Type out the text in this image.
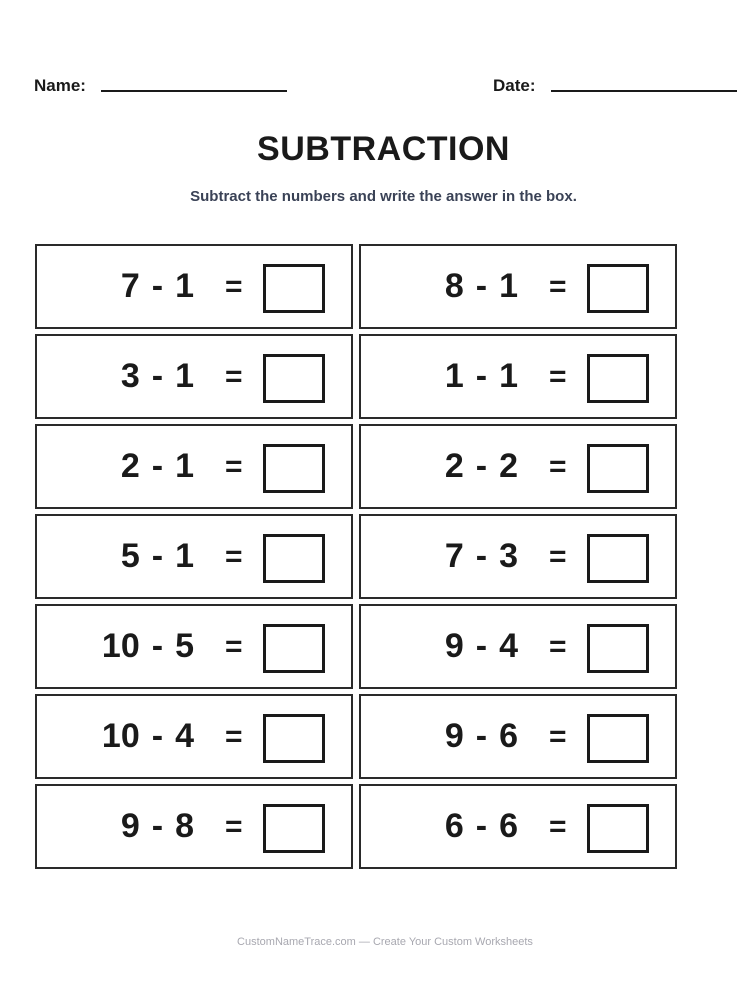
Name:	Date:
SUBTRACTION
Subtract the numbers and write the answer in the box.
7 - 1 =	8 - 1 =
3 - 1 =	1 - 1 =
2 - 1 =	2 - 2 =
5 - 1 =	7 - 3 =
10 - 5 =	9 - 4 =
10 - 4 =	9 - 6 =
9 - 8 =	6 - 6 =
CustomNameTrace.com — Create Your Custom Worksheets
